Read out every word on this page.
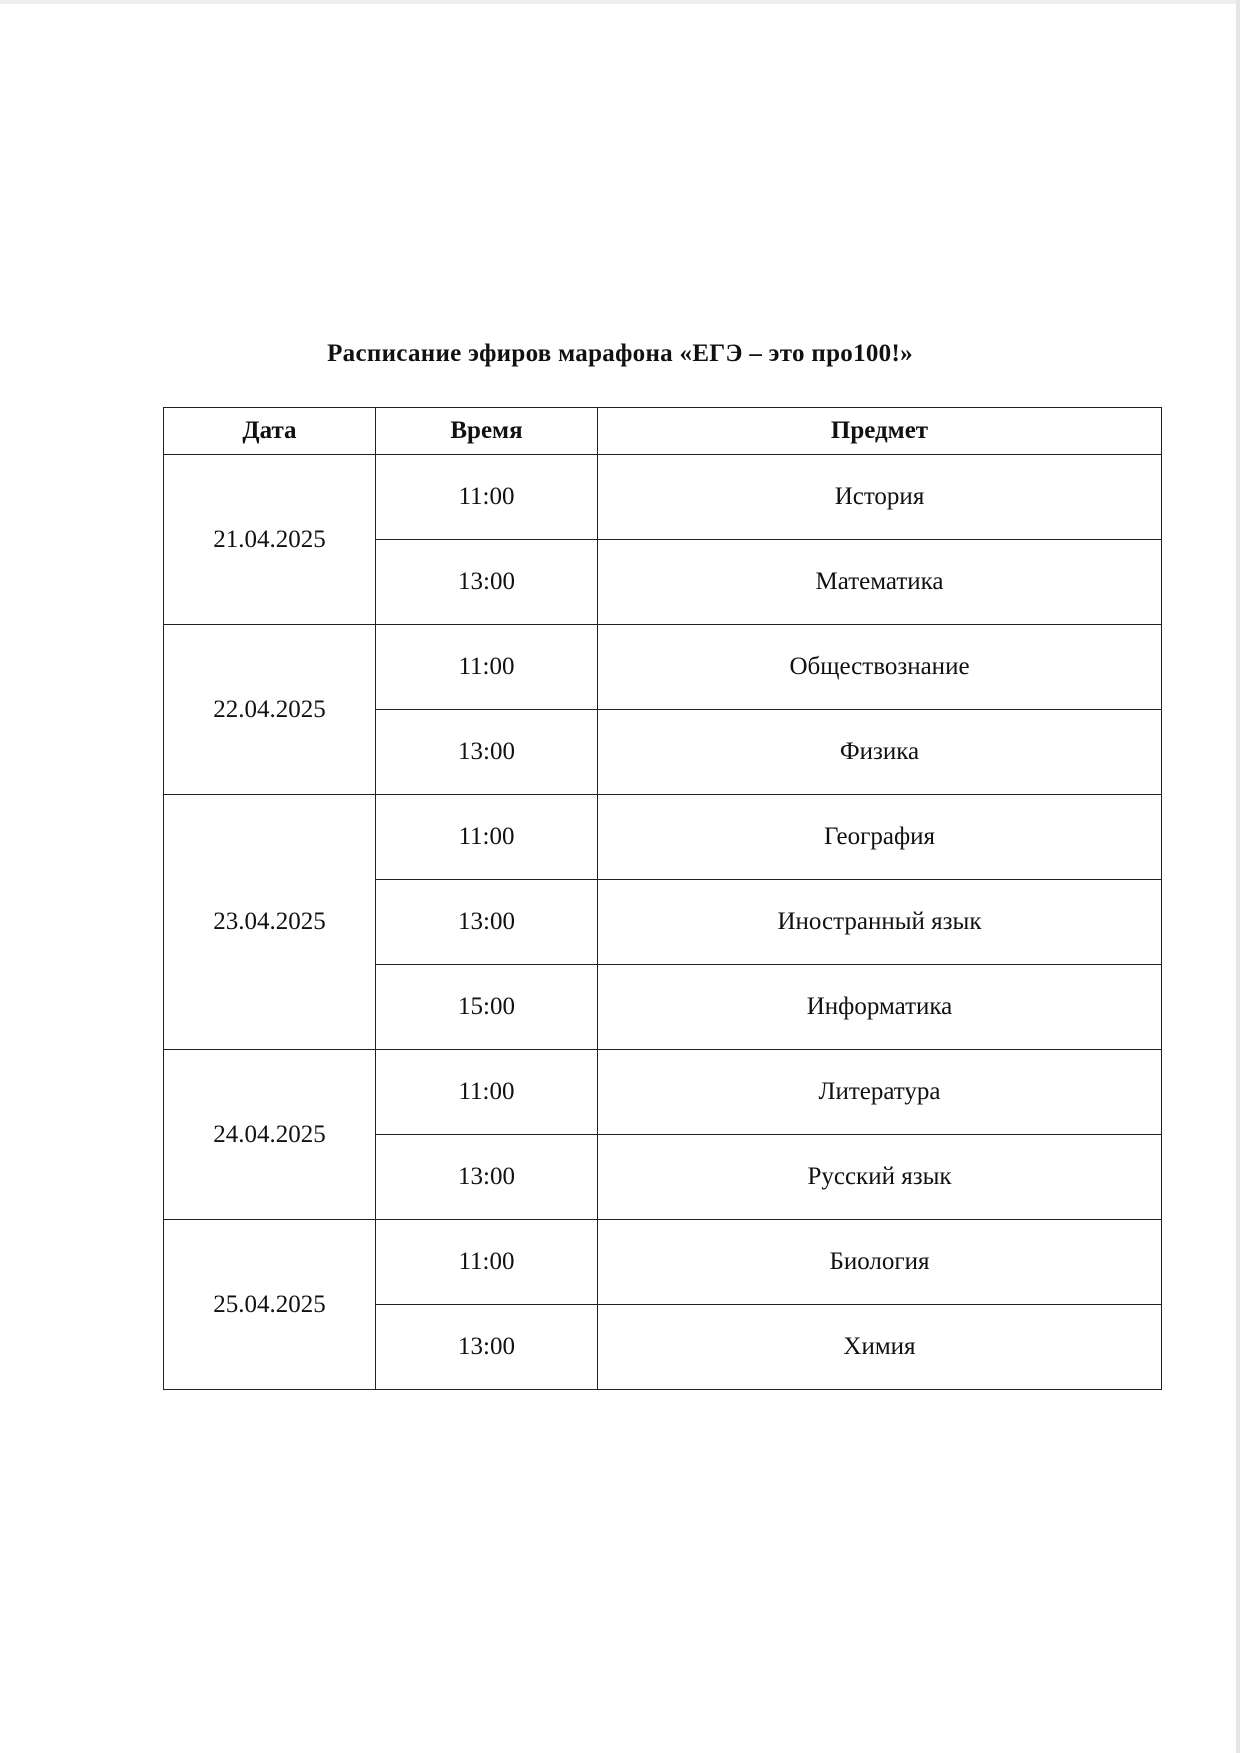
Расписание эфиров марафона «ЕГЭ – это про100!»
Дата	Время	Предмет
21.04.2025	11:00	История
	13:00	Математика
22.04.2025	11:00	Обществознание
	13:00	Физика
23.04.2025	11:00	География
	13:00	Иностранный язык
	15:00	Информатика
24.04.2025	11:00	Литература
	13:00	Русский язык
25.04.2025	11:00	Биология
	13:00	Химия
